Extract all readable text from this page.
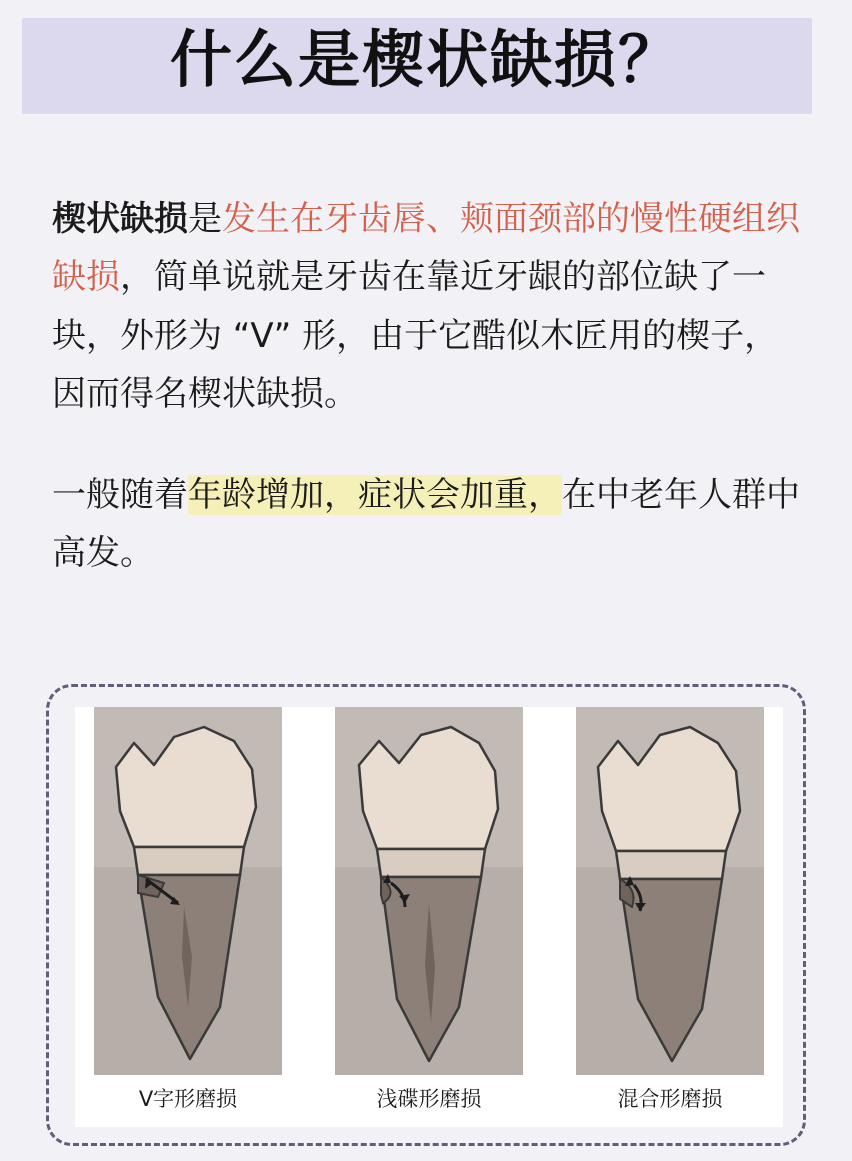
什么是楔状缺损？

楔状缺损是发生在牙齿唇、颊面颈部的慢性硬组织缺损，简单说就是牙齿在靠近牙龈的部位缺了一块，外形为 “V” 形，由于它酷似木匠用的楔子，因而得名楔状缺损。

一般随着年龄增加，症状会加重，在中老年人群中高发。

V字形磨损	浅碟形磨损	混合形磨损
